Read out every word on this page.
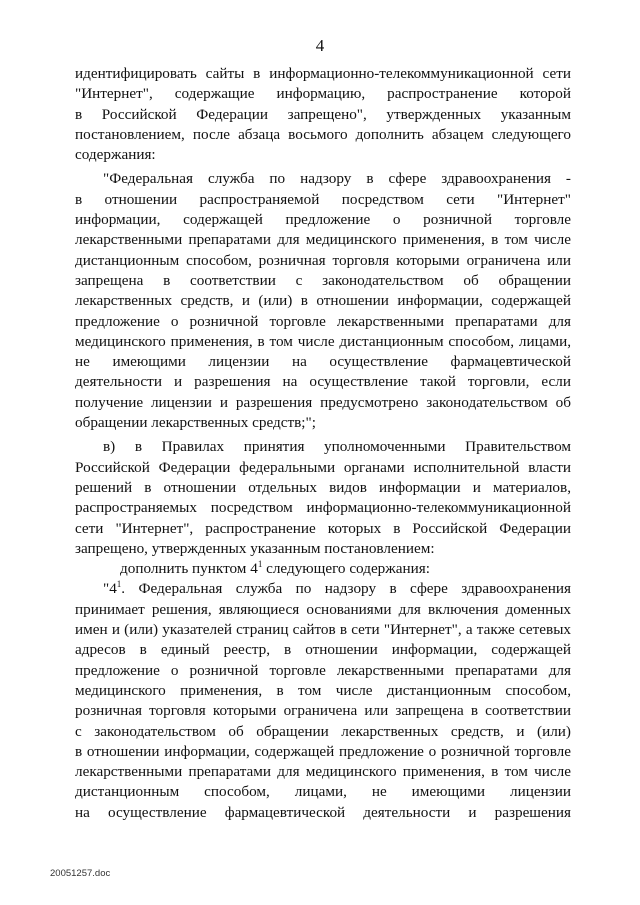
4
идентифицировать сайты в информационно-телекоммуникационной сети
"Интернет", содержащие информацию, распространение которой
в Российской Федерации запрещено", утвержденных указанным
постановлением, после абзаца восьмого дополнить абзацем следующего
содержания:
"Федеральная служба по надзору в сфере здравоохранения -
в отношении распространяемой посредством сети "Интернет"
информации, содержащей предложение о розничной торговле
лекарственными препаратами для медицинского применения, в том числе
дистанционным способом, розничная торговля которыми ограничена или
запрещена в соответствии с законодательством об обращении
лекарственных средств, и (или) в отношении информации, содержащей
предложение о розничной торговле лекарственными препаратами для
медицинского применения, в том числе дистанционным способом, лицами,
не имеющими лицензии на осуществление фармацевтической
деятельности и разрешения на осуществление такой торговли, если
получение лицензии и разрешения предусмотрено законодательством об
обращении лекарственных средств;";
в) в Правилах принятия уполномоченными Правительством
Российской Федерации федеральными органами исполнительной власти
решений в отношении отдельных видов информации и материалов,
распространяемых посредством информационно-телекоммуникационной
сети "Интернет", распространение которых в Российской Федерации
запрещено, утвержденных указанным постановлением:
дополнить пунктом $4^1$ следующего содержания:
"$4^1$. Федеральная служба по надзору в сфере здравоохранения
принимает решения, являющиеся основаниями для включения доменных
имен и (или) указателей страниц сайтов в сети "Интернет", а также сетевых
адресов в единый реестр, в отношении информации, содержащей
предложение о розничной торговле лекарственными препаратами для
медицинского применения, в том числе дистанционным способом,
розничная торговля которыми ограничена или запрещена в соответствии
с законодательством об обращении лекарственных средств, и (или)
в отношении информации, содержащей предложение о розничной торговле
лекарственными препаратами для медицинского применения, в том числе
дистанционным способом, лицами, не имеющими лицензии
на осуществление фармацевтической деятельности и разрешения
20051257.doc
